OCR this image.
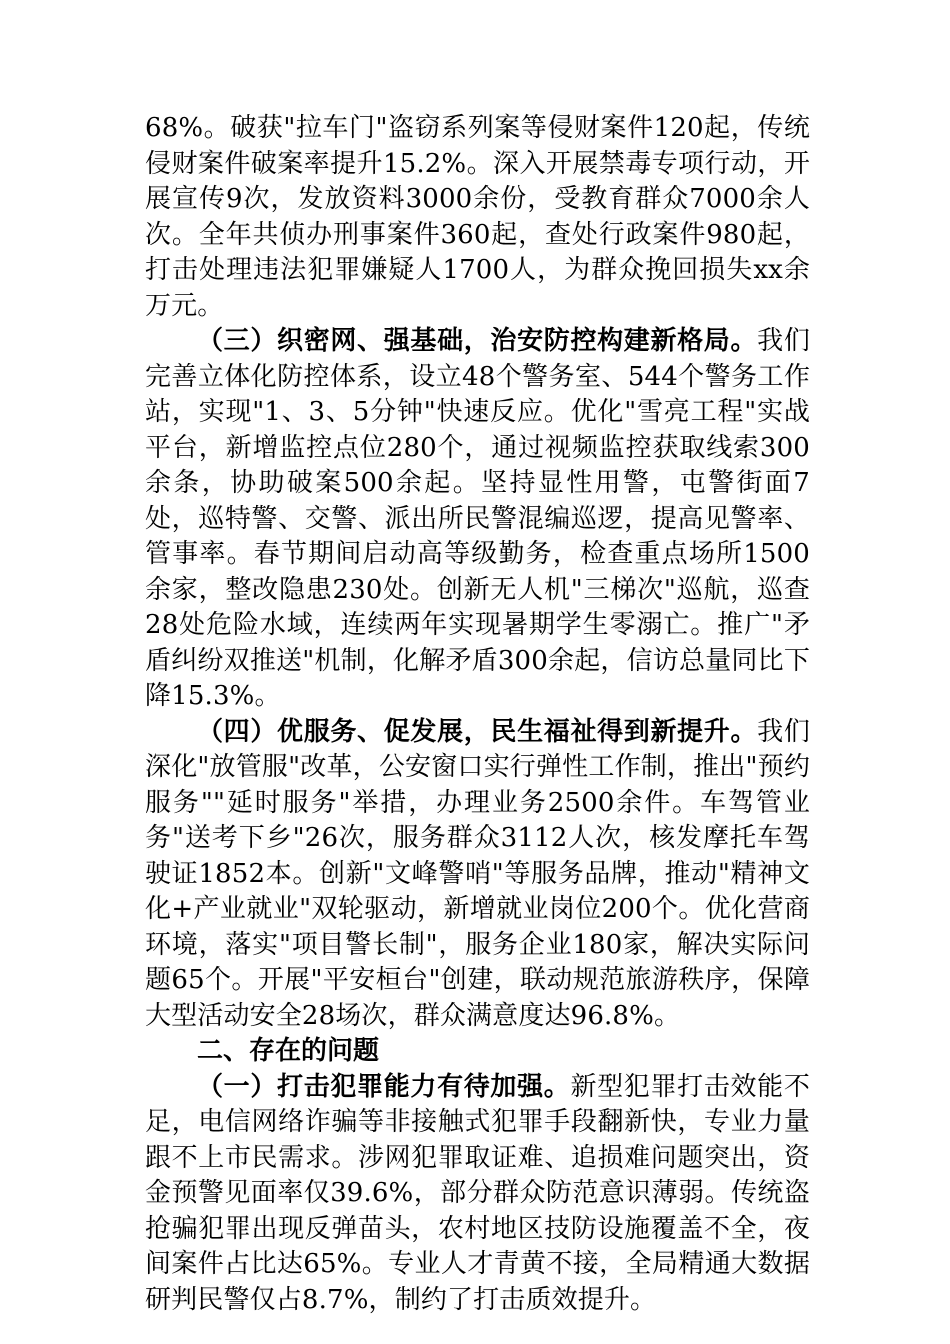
68%。破获"拉车门"盗窃系列案等侵财案件120起，传统侵财案件破案率提升15.2%。深入开展禁毒专项行动，开展宣传9次，发放资料3000余份，受教育群众7000余人次。全年共侦办刑事案件360起，查处行政案件980起，打击处理违法犯罪嫌疑人1700人，为群众挽回损失xx余万元。

（三）织密网、强基础，治安防控构建新格局。我们完善立体化防控体系，设立48个警务室、544个警务工作站，实现"1、3、5分钟"快速反应。优化"雪亮工程"实战平台，新增监控点位280个，通过视频监控获取线索300余条，协助破案500余起。坚持显性用警，屯警街面7处，巡特警、交警、派出所民警混编巡逻，提高见警率、管事率。春节期间启动高等级勤务，检查重点场所1500余家，整改隐患230处。创新无人机"三梯次"巡航，巡查28处危险水域，连续两年实现暑期学生零溺亡。推广"矛盾纠纷双推送"机制，化解矛盾300余起，信访总量同比下降15.3%。

（四）优服务、促发展，民生福祉得到新提升。我们深化"放管服"改革，公安窗口实行弹性工作制，推出"预约服务""延时服务"举措，办理业务2500余件。车驾管业务"送考下乡"26次，服务群众3112人次，核发摩托车驾驶证1852本。创新"文峰警哨"等服务品牌，推动"精神文化+产业就业"双轮驱动，新增就业岗位200个。优化营商环境，落实"项目警长制"，服务企业180家，解决实际问题65个。开展"平安桓台"创建，联动规范旅游秩序，保障大型活动安全28场次，群众满意度达96.8%。

二、存在的问题

（一）打击犯罪能力有待加强。新型犯罪打击效能不足，电信网络诈骗等非接触式犯罪手段翻新快，专业力量跟不上市民需求。涉网犯罪取证难、追损难问题突出，资金预警见面率仅39.6%，部分群众防范意识薄弱。传统盗抢骗犯罪出现反弹苗头，农村地区技防设施覆盖不全，夜间案件占比达65%。专业人才青黄不接，全局精通大数据研判民警仅占8.7%，制约了打击质效提升。
